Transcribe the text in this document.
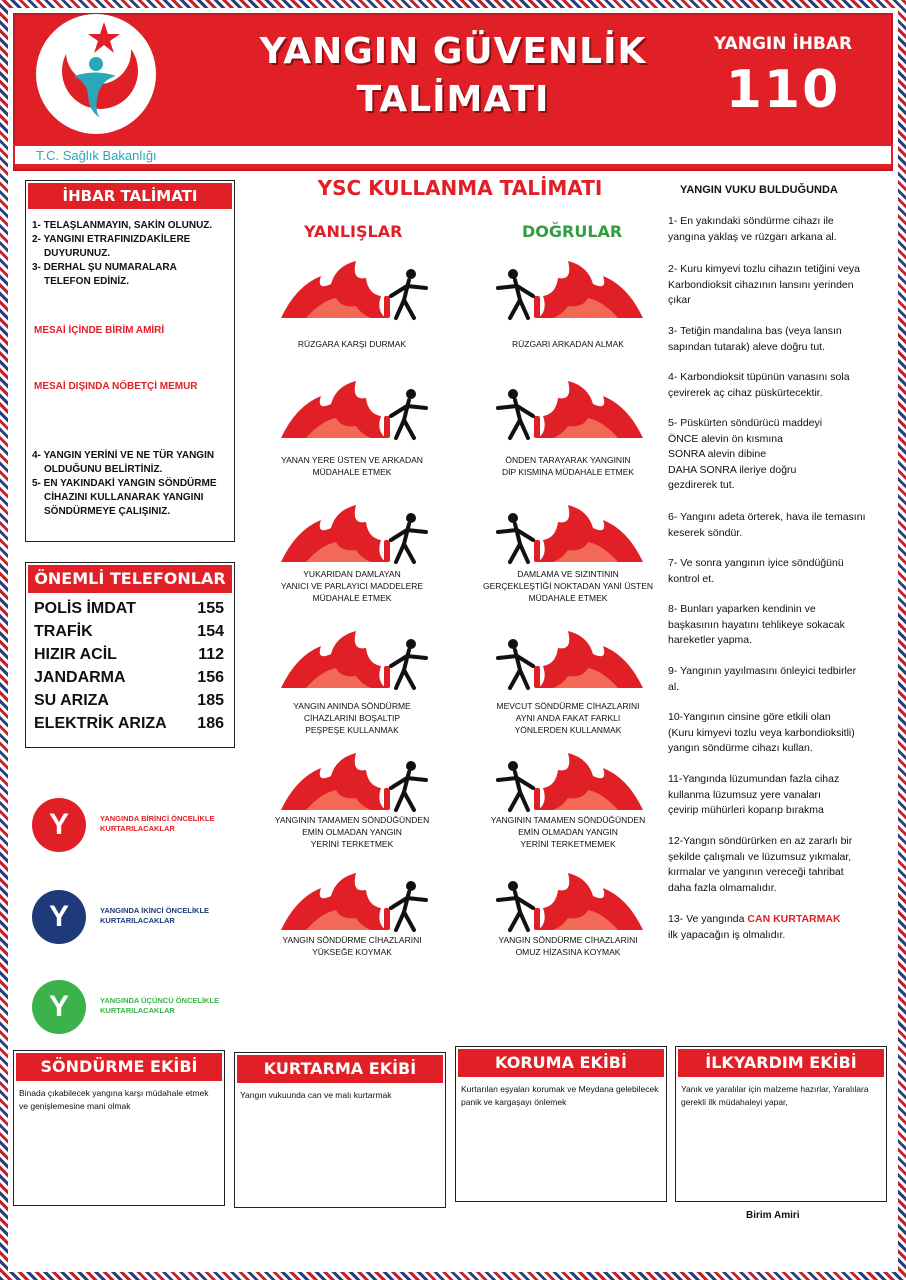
T.C. Sağlık Bakanlığı
YANGIN GÜVENLİK
TALİMATI
YANGIN İHBAR
110
İHBAR TALİMATI
1- TELAŞLANMAYIN, SAKİN OLUNUZ.
2- YANGINI ETRAFINIZDAKİLERE
DUYURUNUZ.
3- DERHAL ŞU NUMARALARA
TELEFON EDİNİZ.
MESAİ İÇİNDE BİRİM AMİRİ
MESAİ DIŞINDA NÖBETÇİ MEMUR
4- YANGIN YERİNİ VE NE TÜR YANGIN
OLDUĞUNU BELİRTİNİZ.
5- EN YAKINDAKİ YANGIN SÖNDÜRME
CİHAZINI KULLANARAK YANGINI
SÖNDÜRMEYE ÇALIŞINIZ.
ÖNEMLİ TELEFONLAR
POLİS İMDAT	155
TRAFİK	154
HIZIR ACİL	112
JANDARMA	156
SU ARIZA	185
ELEKTRİK ARIZA 186
Y	YANGINDA BİRİNCİ ÖNCELİKLE
KURTARILACAKLAR
Y	YANGINDA İKİNCİ ÖNCELİKLE
KURTARILACAKLAR
Y	YANGINDA ÜÇÜNCÜ ÖNCELİKLE
KURTARILACAKLAR
YSC KULLANMA TALİMATI
YANLIŞLAR	DOĞRULAR
RÜZGARA KARŞI DURMAK
YANAN YERE ÜSTEN VE ARKADAN
MÜDAHALE ETMEK
YUKARIDAN DAMLAYAN
YANICI VE PARLAYICI MADDELERE
MÜDAHALE ETMEK
YANGIN ANINDA SÖNDÜRME
CİHAZLARINI BOŞALTIP
PEŞPEŞE KULLANMAK
YANGININ TAMAMEN SÖNDÜĞÜNDEN
EMİN OLMADAN YANGIN
YERİNİ TERKETMEK
YANGIN SÖNDÜRME CİHAZLARINI
YÜKSEĞE KOYMAK
RÜZGARI ARKADAN ALMAK
ÖNDEN TARAYARAK YANGININ
DİP KISMINA MÜDAHALE ETMEK
DAMLAMA VE SIZINTININ
GERÇEKLEŞTİĞİ NOKTADAN YANİ ÜSTEN
MÜDAHALE ETMEK
MEVCUT SÖNDÜRME CİHAZLARINI
AYNI ANDA FAKAT FARKLI
YÖNLERDEN KULLANMAK
YANGININ TAMAMEN SÖNDÜĞÜNDEN
EMİN OLMADAN YANGIN
YERİNİ TERKETMEMEK
YANGIN SÖNDÜRME CİHAZLARINI
OMUZ HİZASINA KOYMAK
YANGIN VUKU BULDUĞUNDA
1- En yakındaki söndürme cihazı ile
yangına yaklaş ve rüzgarı arkana al.
2- Kuru kimyevi tozlu cihazın tetiğini veya
Karbondioksit cihazının lansını yerinden
çıkar
3- Tetiğin mandalına bas (veya lansın
sapından tutarak) aleve doğru tut.
4- Karbondioksit tüpünün vanasını sola
çevirerek aç cihaz püskürtecektir.
5- Püskürten söndürücü maddeyi
ÖNCE alevin ön kısmına
SONRA alevin dibine
DAHA SONRA ileriye doğru
gezdirerek tut.
6- Yangını adeta örterek, hava ile temasını
keserek söndür.
7- Ve sonra yangının iyice söndüğünü
kontrol et.
8- Bunları yaparken kendinin ve
başkasının hayatını tehlikeye sokacak
hareketler yapma.
9- Yangının yayılmasını önleyici tedbirler
al.
10-Yangının cinsine göre etkili olan
(Kuru kimyevi tozlu veya karbondioksitli)
yangın söndürme cihazı kullan.
11-Yangında lüzumundan fazla cihaz
kullanma lüzumsuz yere vanaları
çevirip mühürleri koparıp bırakma
12-Yangın söndürürken en az zararlı bir
şekilde çalışmalı ve lüzumsuz yıkmalar,
kırmalar ve yangının vereceği tahribat
daha fazla olmamalıdır.
13- Ve yangında CAN KURTARMAK
ilk yapacağın iş olmalıdır.
SÖNDÜRME EKİBİ
Binada çıkabilecek yangına karşı müdahale etmek ve genişlemesine mani olmak
KURTARMA EKİBİ
Yangın vukuunda can ve malı kurtarmak
KORUMA EKİBİ
Kurtarılan eşyaları korumak ve Meydana gelebilecek panik ve kargaşayı önlemek
İLKYARDIM EKİBİ
Yanık ve yaralılar için malzeme hazırlar, Yaralılara gerekli ilk müdahaleyi yapar,
Birim Amiri
